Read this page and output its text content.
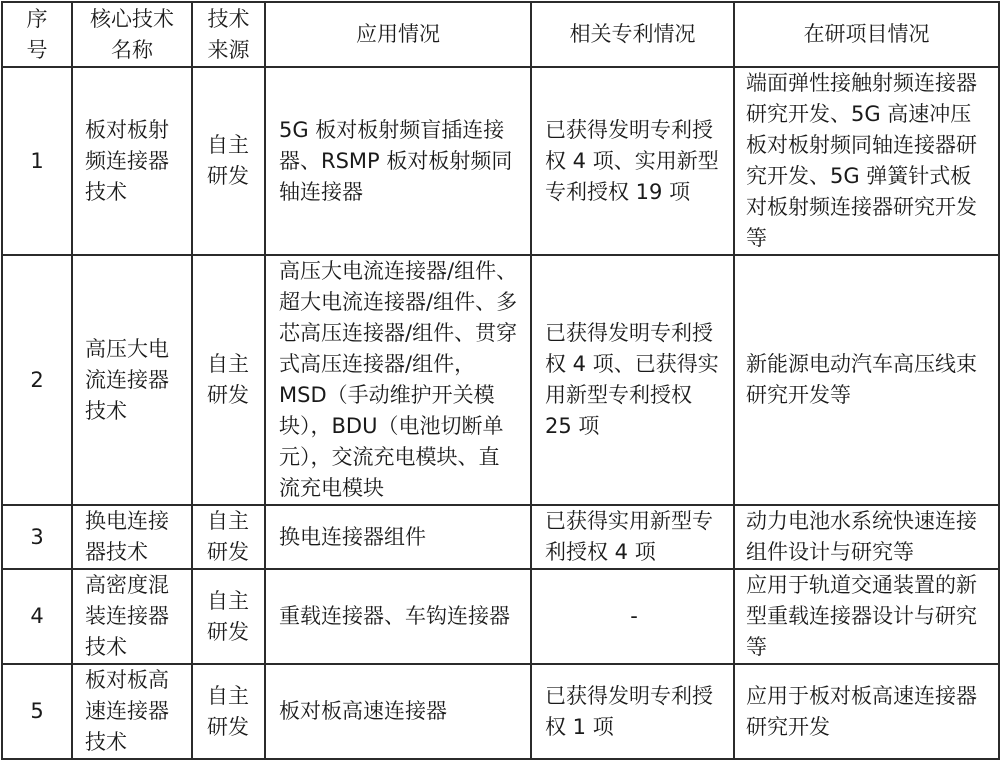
序号	核心技术名称	技术来源	应用情况	相关专利情况	在研项目情况
1	板对板射频连接器技术	自主研发	5G 板对板射频盲插连接器、RSMP 板对板射频同轴连接器	已获得发明专利授权 4 项、实用新型专利授权 19 项	端面弹性接触射频连接器研究开发、5G 高速冲压板对板射频同轴连接器研究开发、5G 弹簧针式板对板射频连接器研究开发等
2	高压大电流连接器技术	自主研发	高压大电流连接器/组件、超大电流连接器/组件、多芯高压连接器/组件、贯穿式高压连接器/组件，MSD（手动维护开关模块），BDU（电池切断单元），交流充电模块、直流充电模块	已获得发明专利授权 4 项、已获得实用新型专利授权 25 项	新能源电动汽车高压线束研究开发等
3	换电连接器技术	自主研发	换电连接器组件	已获得实用新型专利授权 4 项	动力电池水系统快速连接组件设计与研究等
4	高密度混装连接器技术	自主研发	重载连接器、车钩连接器	-	应用于轨道交通装置的新型重载连接器设计与研究等
5	板对板高速连接器技术	自主研发	板对板高速连接器	已获得发明专利授权 1 项	应用于板对板高速连接器研究开发
